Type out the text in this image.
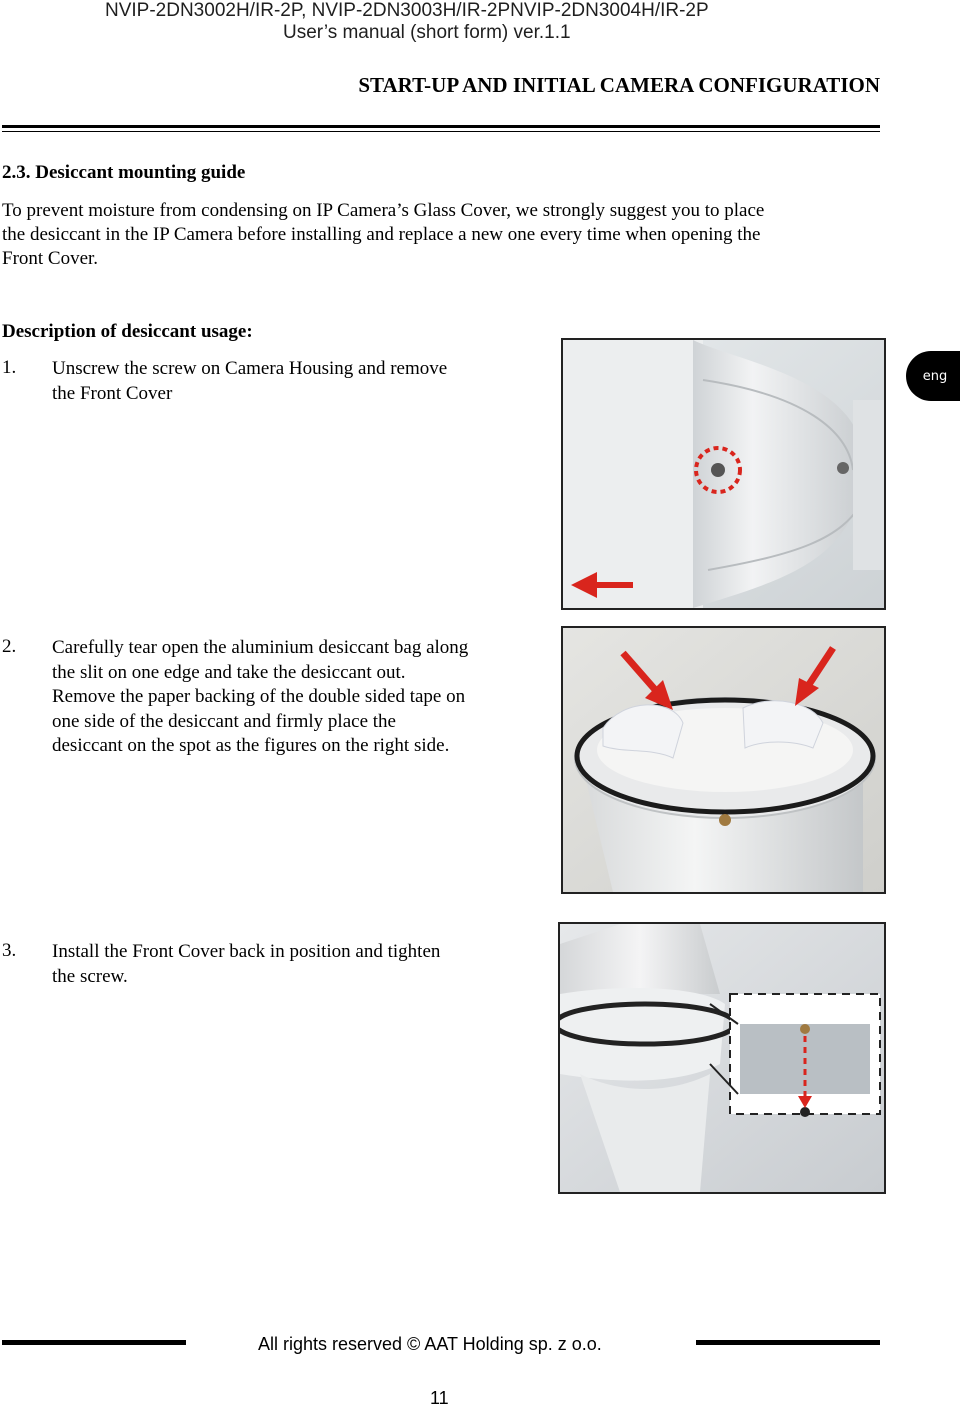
NVIP-2DN3002H/IR-2P, NVIP-2DN3003H/IR-2PNVIP-2DN3004H/IR-2P
User’s manual (short form) ver.1.1
START-UP AND INITIAL CAMERA CONFIGURATION
2.3. Desiccant mounting guide
To prevent moisture from condensing on IP Camera’s Glass Cover, we strongly suggest you to place
the desiccant in the IP Camera before installing and replace a new one every time when opening the
Front Cover.
Description of desiccant usage:
eng
1. Unscrew the screw on Camera Housing and remove
the Front Cover
2. Carefully tear open the aluminium desiccant bag along
the slit on one edge and take the desiccant out.
Remove the paper backing of the double sided tape on
one side of the desiccant and firmly place the
desiccant on the spot as the figures on the right side.
3. Install the Front Cover back in position and tighten
the screw.
All rights reserved © AAT Holding sp. z o.o.
11
